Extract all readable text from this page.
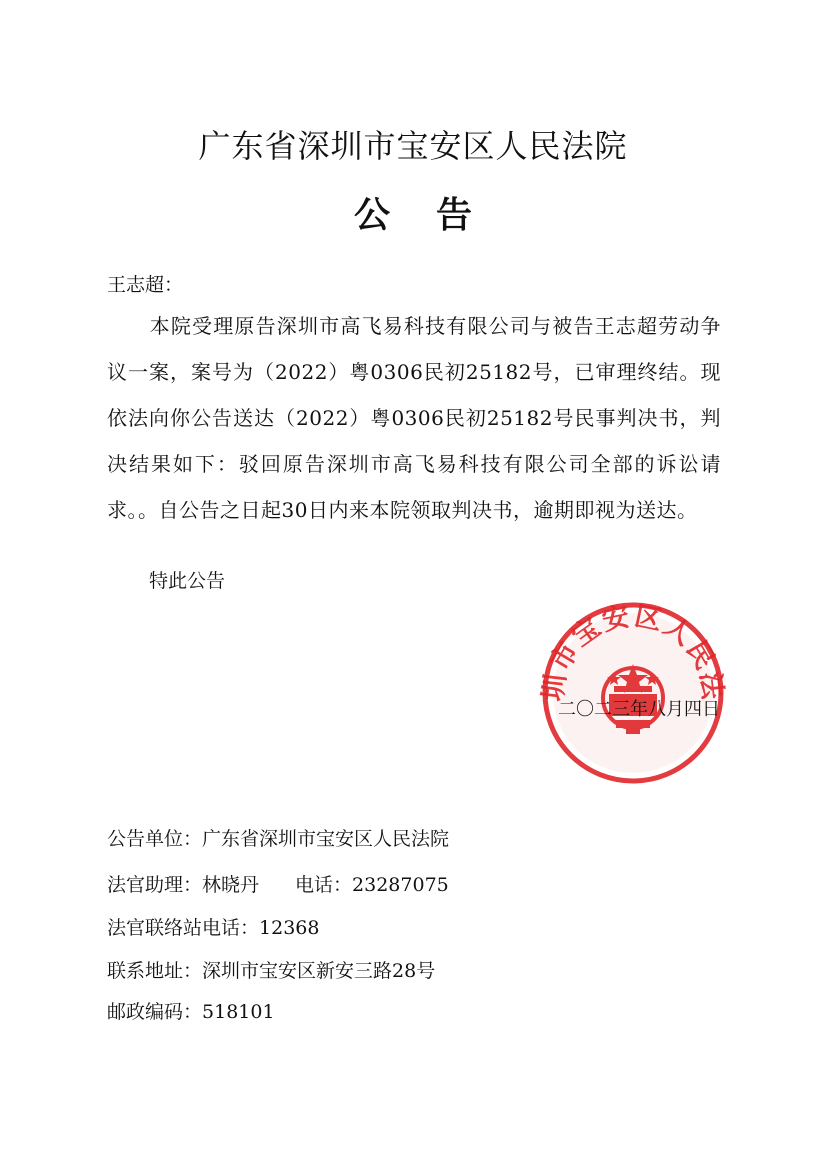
广东省深圳市宝安区人民法院
公告
王志超：

本院受理原告深圳市高飞易科技有限公司与被告王志超劳动争议一案，案号为（2022）粤0306民初25182号，已审理终结。现依法向你公告送达（2022）粤0306民初25182号民事判决书，判决结果如下：驳回原告深圳市高飞易科技有限公司全部的诉讼请求。。自公告之日起30日内来本院领取判决书，逾期即视为送达。

特此公告
圳市宝安区人民法
二〇二三年八月四日
公告单位：广东省深圳市宝安区人民法院
法官助理：林晓丹 电话：23287075
法官联络站电话：12368
联系地址：深圳市宝安区新安三路28号
邮政编码：518101
